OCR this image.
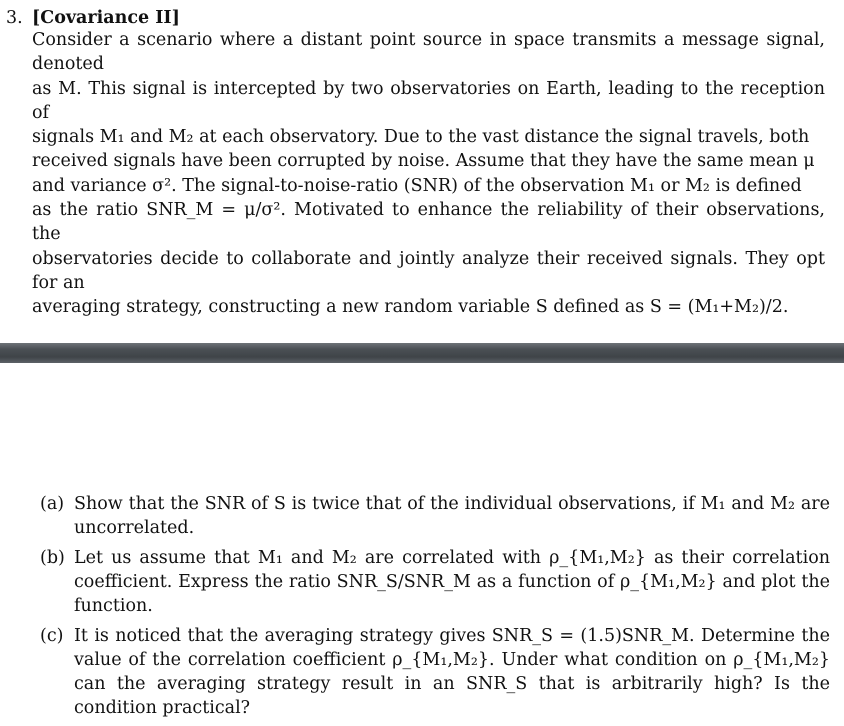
3. [Covariance II]
Consider a scenario where a distant point source in space transmits a message signal, denoted
as M. This signal is intercepted by two observatories on Earth, leading to the reception of
signals M₁ and M₂ at each observatory. Due to the vast distance the signal travels, both
received signals have been corrupted by noise. Assume that they have the same mean μ
and variance σ². The signal-to-noise-ratio (SNR) of the observation M₁ or M₂ is defined
as the ratio SNR_M = μ/σ². Motivated to enhance the reliability of their observations, the
observatories decide to collaborate and jointly analyze their received signals. They opt for an
averaging strategy, constructing a new random variable S defined as S = (M₁+M₂)/2.
(a) Show that the SNR of S is twice that of the individual observations, if M₁ and M₂ are uncorrelated.
(b) Let us assume that M₁ and M₂ are correlated with ρ_{M₁,M₂} as their correlation coefficient. Express the ratio SNR_S/SNR_M as a function of ρ_{M₁,M₂} and plot the function.
(c) It is noticed that the averaging strategy gives SNR_S = (1.5)SNR_M. Determine the value of the correlation coefficient ρ_{M₁,M₂}. Under what condition on ρ_{M₁,M₂} can the averaging strategy result in an SNR_S that is arbitrarily high? Is the condition practical?
